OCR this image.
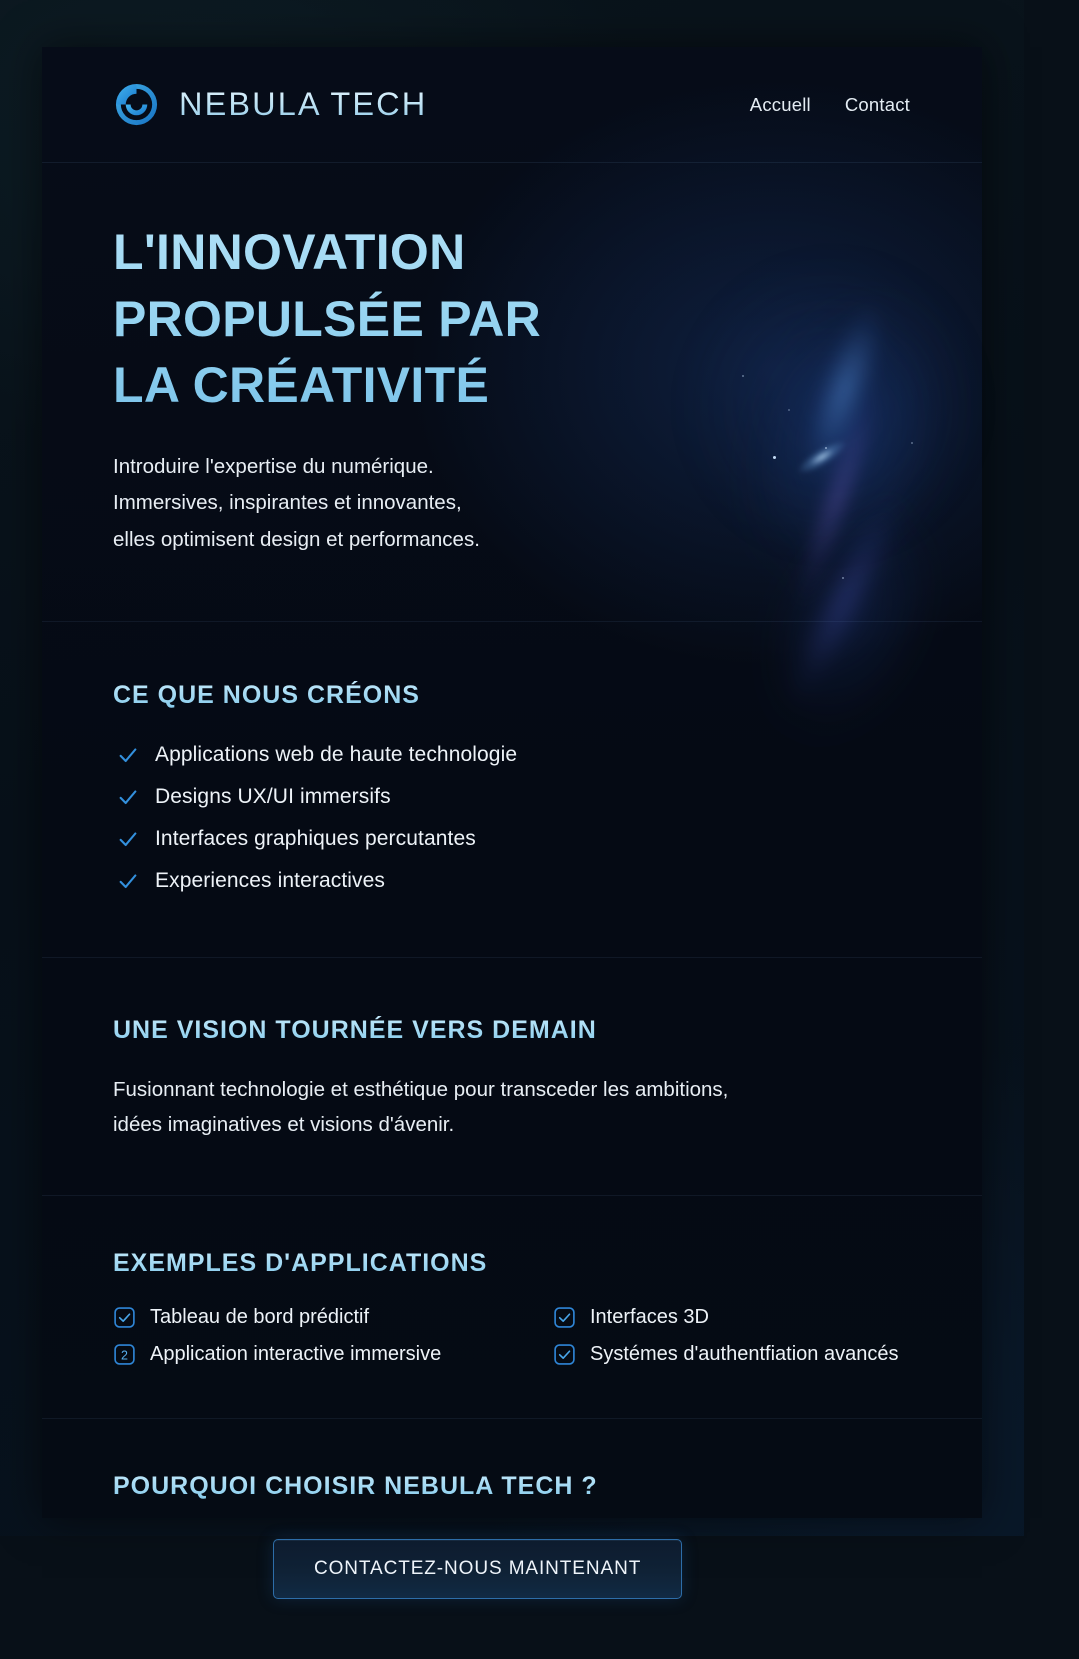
NEBULA TECH	Accuell Contact
L'INNOVATION
PROPULSÉE PAR
LA CRÉATIVITÉ

Introduire l'expertise du numérique.
Immersives, inspirantes et innovantes,
elles optimisent design et performances.

CE QUE NOUS CRÉONS
Applications web de haute technologie
Designs UX/UI immersifs
Interfaces graphiques percutantes
Experiences interactives
UNE VISION TOURNÉE VERS DEMAIN

Fusionnant technologie et esthétique pour transceder les ambitions,
idées imaginatives et visions d'ávenir.

EXEMPLES D'APPLICATIONS
Tableau de bord prédictif	Interfaces 3D
2 Application interactive immersive	Systémes d'authentfiation avancés
POURQUOI CHOISIR NEBULA TECH ?
CONTACTEZ-NOUS MAINTENANT
